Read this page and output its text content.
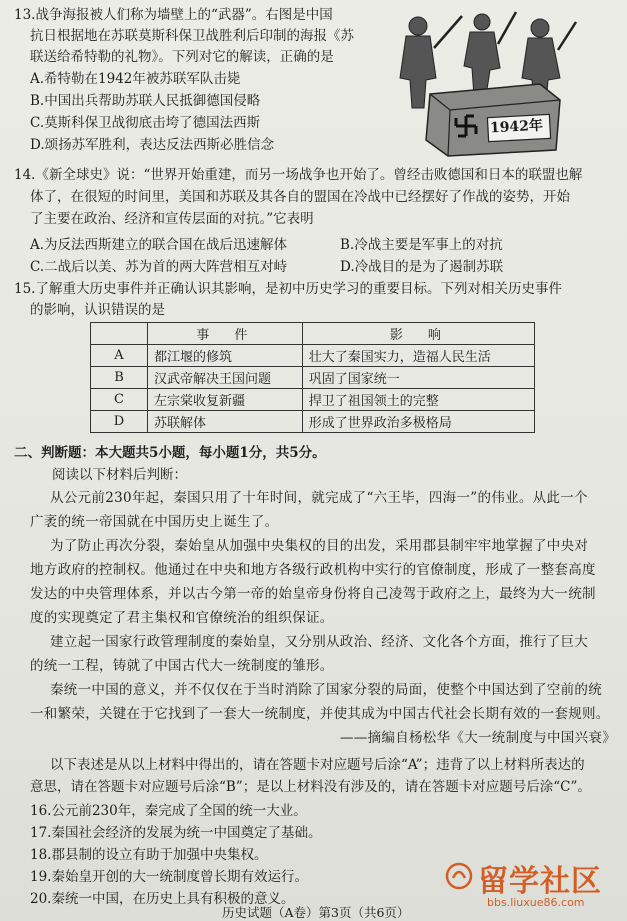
13.战争海报被人们称为墙壁上的“武器”。右图是中国
抗日根据地在苏联莫斯科保卫战胜利后印制的海报《苏
联送给希特勒的礼物》。下列对它的解读，正确的是
A.希特勒在1942年被苏联军队击毙
B.中国出兵帮助苏联人民抵御德国侵略
C.莫斯科保卫战彻底击垮了德国法西斯
D.颂扬苏军胜利，表达反法西斯必胜信念
1942年
14.《新全球史》说：“世界开始重建，而另一场战争也开始了。曾经击败德国和日本的联盟也解
体了，在很短的时间里，美国和苏联及其各自的盟国在冷战中已经摆好了作战的姿势，开始
了主要在政治、经济和宣传层面的对抗。”它表明
A.为反法西斯建立的联合国在战后迅速解体	B.冷战主要是军事上的对抗
C.二战后以美、苏为首的两大阵营相互对峙	D.冷战目的是为了遏制苏联
15.了解重大历史事件并正确认识其影响，是初中历史学习的重要目标。下列对相关历史事件
的影响，认识错误的是
	事　件	影　响
A	都江堰的修筑	壮大了秦国实力，造福人民生活
B	汉武帝解决王国问题	巩固了国家统一
C	左宗棠收复新疆	捍卫了祖国领土的完整
D	苏联解体	形成了世界政治多极格局
二、判断题：本大题共5小题，每小题1分，共5分。
阅读以下材料后判断：
从公元前230年起，秦国只用了十年时间，就完成了“六王毕，四海一”的伟业。从此一个
广袤的统一帝国就在中国历史上诞生了。
为了防止再次分裂，秦始皇从加强中央集权的目的出发，采用郡县制牢牢地掌握了中央对
地方政府的控制权。他通过在中央和地方各级行政机构中实行的官僚制度，形成了一整套高度
发达的中央管理体系，并以古今第一帝的始皇帝身份将自己凌驾于政府之上，最终为大一统制
度的实现奠定了君主集权和官僚统治的组织保证。
建立起一国家行政管理制度的秦始皇，又分别从政治、经济、文化各个方面，推行了巨大
的统一工程，铸就了中国古代大一统制度的雏形。
秦统一中国的意义，并不仅仅在于当时消除了国家分裂的局面，使整个中国达到了空前的统
一和繁荣，关键在于它找到了一套大一统制度，并使其成为中国古代社会长期有效的一套规则。
——摘编自杨松华《大一统制度与中国兴衰》
以下表述是从以上材料中得出的，请在答题卡对应题号后涂“A”；违背了以上材料所表达的
意思，请在答题卡对应题号后涂“B”；是以上材料没有涉及的，请在答题卡对应题号后涂“C”。
16.公元前230年，秦完成了全国的统一大业。
17.秦国社会经济的发展为统一中国奠定了基础。
18.郡县制的设立有助于加强中央集权。
19.秦始皇开创的大一统制度曾长期有效运行。
20.秦统一中国，在历史上具有积极的意义。
历史试题（A卷）第3页（共6页）
留学社区
bbs.liuxue86.com
